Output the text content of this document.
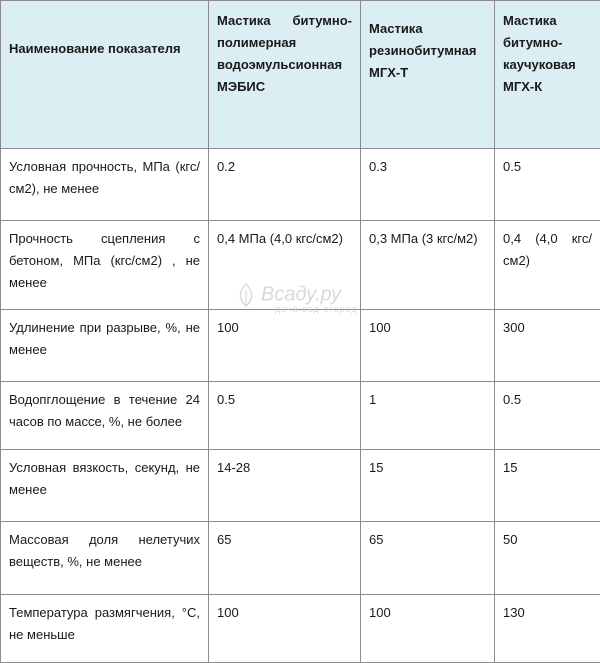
Наименование показателя	Мастика битумно-полимерная водоэмульсионная МЭБИС	Мастика резинобитумная МГХ-Т	Мастика битумно-каучуковая МГХ-К
Условная прочность, МПа (кгс/см2), не менее	0.2	0.3	0.5
Прочность сцепления с бетоном, МПа (кгс/см2) , не менее	0,4 МПа (4,0 кгс/см2)	0,3 МПа (3 кгс/м2)	0,4 (4,0 кгс/см2)
Удлинение при разрыве, %, не менее	100	100	300
Водопглощение в течение 24 часов по массе, %, не более	0.5	1	0.5
Условная вязкость, секунд, не менее	14-28	15	15
Массовая доля нелетучих веществ, %, не менее	65	65	50
Температура размягчения, °С, не меньше	100	100	130
Всаду.ру
дача сад огород
